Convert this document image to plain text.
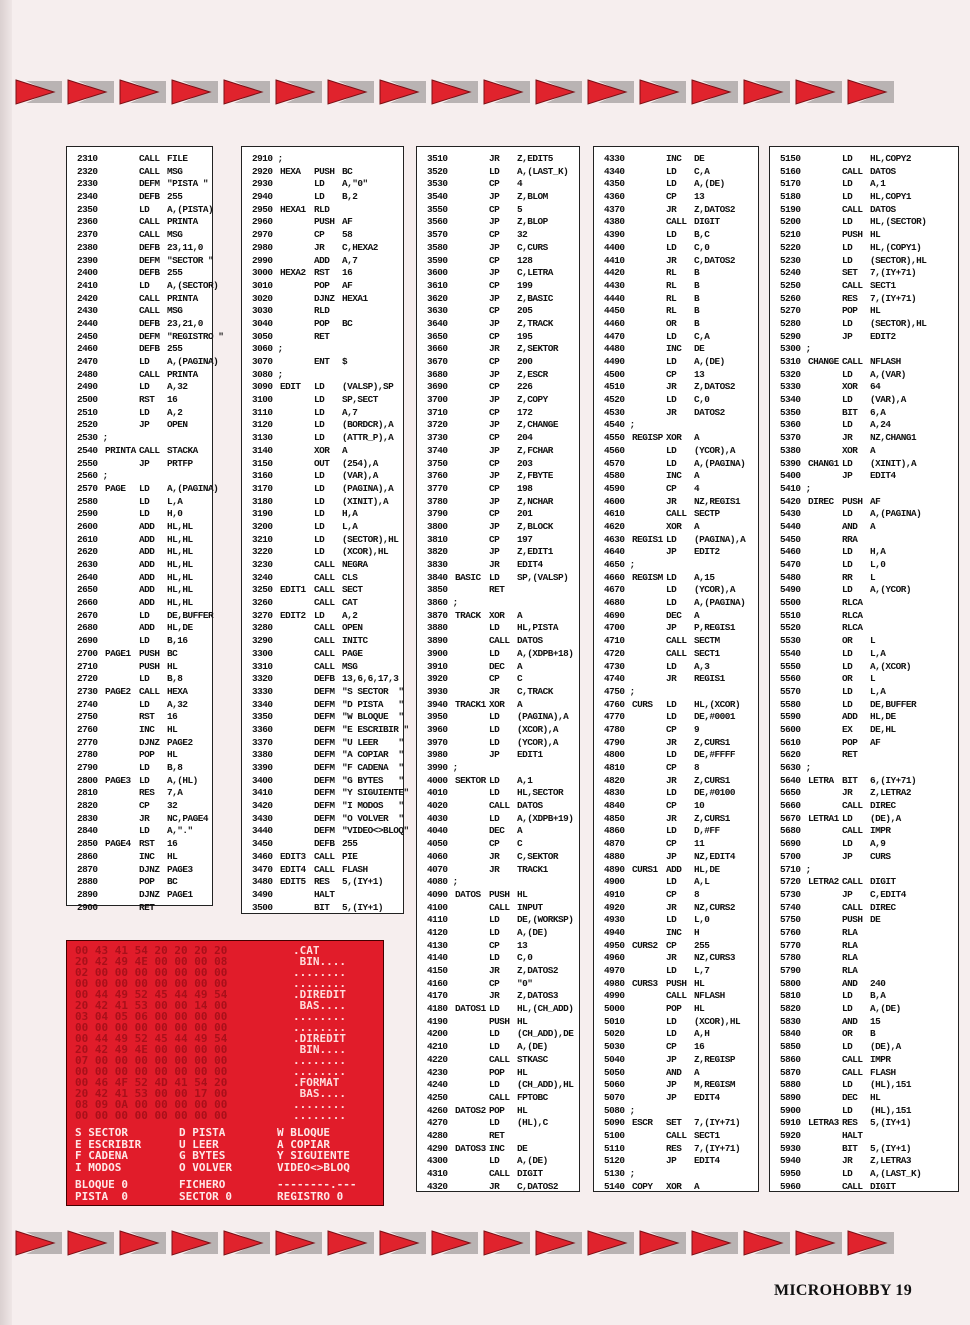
2310	CALL FILE
2320	CALL MSG
2330	DEFM "PISTA "
2340	DEFB 255
2350	LD	A,(PISTA)
2360	CALL PRINTA
2370	CALL MSG
2380	DEFB 23,11,0
2390	DEFM "SECTOR "
2400	DEFB 255
2410	LD	A,(SECTOR)
2420	CALL PRINTA
2430	CALL MSG
2440	DEFB 23,21,0
2450	DEFM "REGISTRO "
2460	DEFB 255
2470	LD	A,(PAGINA)
2480	CALL PRINTA
2490	LD	A,32
2500	RST	16
2510	LD	A,2
2520	JP	OPEN
2530 ;
2540 PRINTA CALL STACKA
2550	JP	PRTFP
2560 ;
2570 PAGE	LD	A,(PAGINA)
2580	LD	L,A
2590	LD	H,0
2600	ADD	HL,HL
2610	ADD	HL,HL
2620	ADD	HL,HL
2630	ADD	HL,HL
2640	ADD	HL,HL
2650	ADD	HL,HL
2660	ADD	HL,HL
2670	LD	DE,BUFFER
2680	ADD	HL,DE
2690	LD	B,16
2700 PAGE1 PUSH BC
2710	PUSH HL
2720	LD	B,8
2730 PAGE2 CALL HEXA
2740	LD	A,32
2750	RST	16
2760	INC	HL
2770	DJNZ PAGE2
2780	POP	HL
2790	LD	B,8
2800 PAGE3 LD	A,(HL)
2810	RES	7,A
2820	CP	32
2830	JR	NC,PAGE4
2840	LD	A,"."
2850 PAGE4 RST	16
2860	INC	HL
2870	DJNZ PAGE3
2880	POP	BC
2890	DJNZ PAGE1
2900	RET
2910 ;
2920 HEXA	PUSH BC
2930	LD	A,"0"
2940	LD	B,2
2950 HEXA1 RLD
2960	PUSH AF
2970	CP	58
2980	JR	C,HEXA2
2990	ADD	A,7
3000 HEXA2 RST	16
3010	POP	AF
3020	DJNZ HEXA1
3030	RLD
3040	POP	BC
3050	RET
3060 ;
3070	ENT	$
3080 ;
3090 EDIT	LD	(VALSP),SP
3100	LD	SP,SECT
3110	LD	A,7
3120	LD	(BORDCR),A
3130	LD	(ATTR_P),A
3140	XOR	A
3150	OUT	(254),A
3160	LD	(VAR),A
3170	LD	(PAGINA),A
3180	LD	(XINIT),A
3190	LD	H,A
3200	LD	L,A
3210	LD	(SECTOR),HL
3220	LD	(XCOR),HL
3230	CALL NEGRA
3240	CALL CLS
3250 EDIT1 CALL SECT
3260	CALL CAT
3270 EDIT2 LD	A,2
3280	CALL OPEN
3290	CALL INITC
3300	CALL PAGE
3310	CALL MSG
3320	DEFB 13,6,6,17,3
3330	DEFM "S SECTOR  "
3340	DEFM "D PISTA   "
3350	DEFM "W BLOQUE  "
3360	DEFM "E ESCRIBIR "
3370	DEFM "U LEER    "
3380	DEFM "A COPIAR  "
3390	DEFM "F CADENA  "
3400	DEFM "G BYTES   "
3410	DEFM "Y SIGUIENTE"
3420	DEFM "I MODOS   "
3430	DEFM "O VOLVER  "
3440	DEFM "VIDEO<>BLOQ"
3450	DEFB 255
3460 EDIT3 CALL PIE
3470 EDIT4 CALL FLASH
3480 EDIT5 RES	5,(IY+1)
3490	HALT
3500	BIT	5,(IY+1)
3510	JR	Z,EDIT5
3520	LD	A,(LAST_K)
3530	CP	4
3540	JP	Z,BLOM
3550	CP	5
3560	JP	Z,BLOP
3570	CP	32
3580	JP	C,CURS
3590	CP	128
3600	JP	C,LETRA
3610	CP	199
3620	JP	Z,BASIC
3630	CP	205
3640	JP	Z,TRACK
3650	CP	195
3660	JR	Z,SEKTOR
3670	CP	200
3680	JP	Z,ESCR
3690	CP	226
3700	JP	Z,COPY
3710	CP	172
3720	JP	Z,CHANGE
3730	CP	204
3740	JP	Z,FCHAR
3750	CP	203
3760	JP	Z,FBYTE
3770	CP	198
3780	JP	Z,NCHAR
3790	CP	201
3800	JP	Z,BLOCK
3810	CP	197
3820	JP	Z,EDIT1
3830	JR	EDIT4
3840 BASIC LD	SP,(VALSP)
3850	RET
3860 ;
3870 TRACK XOR	A
3880	LD	HL,PISTA
3890	CALL DATOS
3900	LD	A,(XDPB+18)
3910	DEC	A
3920	CP	C
3930	JR	C,TRACK
3940 TRACK1 XOR	A
3950	LD	(PAGINA),A
3960	LD	(XCOR),A
3970	LD	(YCOR),A
3980	JP	EDIT1
3990 ;
4000 SEKTOR LD	A,1
4010	LD	HL,SECTOR
4020	CALL DATOS
4030	LD	A,(XDPB+19)
4040	DEC	A
4050	CP	C
4060	JR	C,SEKTOR
4070	JR	TRACK1
4080 ;
4090 DATOS PUSH HL
4100	CALL INPUT
4110	LD	DE,(WORKSP)
4120	LD	A,(DE)
4130	CP	13
4140	LD	C,0
4150	JR	Z,DATOS2
4160	CP	"0"
4170	JR	Z,DATOS3
4180 DATOS1 LD	HL,(CH_ADD)
4190	PUSH HL
4200	LD	(CH_ADD),DE
4210	LD	A,(DE)
4220	CALL STKASC
4230	POP	HL
4240	LD	(CH_ADD),HL
4250	CALL FPTOBC
4260 DATOS2 POP	HL
4270	LD	(HL),C
4280	RET
4290 DATOS3 INC	DE
4300	LD	A,(DE)
4310	CALL DIGIT
4320	JR	C,DATOS2
4330	INC	DE
4340	LD	C,A
4350	LD	A,(DE)
4360	CP	13
4370	JR	Z,DATOS2
4380	CALL DIGIT
4390	LD	B,C
4400	LD	C,0
4410	JR	C,DATOS2
4420	RL	B
4430	RL	B
4440	RL	B
4450	RL	B
4460	OR	B
4470	LD	C,A
4480	INC	DE
4490	LD	A,(DE)
4500	CP	13
4510	JR	Z,DATOS2
4520	LD	C,0
4530	JR	DATOS2
4540 ;
4550 REGISP XOR	A
4560	LD	(YCOR),A
4570	LD	A,(PAGINA)
4580	INC	A
4590	CP	4
4600	JR	NZ,REGIS1
4610	CALL SECTP
4620	XOR	A
4630 REGIS1 LD	(PAGINA),A
4640	JP	EDIT2
4650 ;
4660 REGISM LD	A,15
4670	LD	(YCOR),A
4680	LD	A,(PAGINA)
4690	DEC	A
4700	JP	P,REGIS1
4710	CALL SECTM
4720	CALL SECT1
4730	LD	A,3
4740	JR	REGIS1
4750 ;
4760 CURS	LD	HL,(XCOR)
4770	LD	DE,#0001
4780	CP	9
4790	JR	Z,CURS1
4800	LD	DE,#FFFF
4810	CP	8
4820	JR	Z,CURS1
4830	LD	DE,#0100
4840	CP	10
4850	JR	Z,CURS1
4860	LD	D,#FF
4870	CP	11
4880	JP	NZ,EDIT4
4890 CURS1 ADD	HL,DE
4900	LD	A,L
4910	CP	8
4920	JR	NZ,CURS2
4930	LD	L,0
4940	INC	H
4950 CURS2 CP	255
4960	JR	NZ,CURS3
4970	LD	L,7
4980 CURS3 PUSH HL
4990	CALL NFLASH
5000	POP	HL
5010	LD	(XCOR),HL
5020	LD	A,H
5030	CP	16
5040	JP	Z,REGISP
5050	AND	A
5060	JP	M,REGISM
5070	JP	EDIT4
5080 ;
5090 ESCR	SET	7,(IY+71)
5100	CALL SECT1
5110	RES	7,(IY+71)
5120	JP	EDIT4
5130 ;
5140 COPY	XOR	A
5150	LD	HL,COPY2
5160	CALL DATOS
5170	LD	A,1
5180	LD	HL,COPY1
5190	CALL DATOS
5200	LD	HL,(SECTOR)
5210	PUSH HL
5220	LD	HL,(COPY1)
5230	LD	(SECTOR),HL
5240	SET	7,(IY+71)
5250	CALL SECT1
5260	RES	7,(IY+71)
5270	POP	HL
5280	LD	(SECTOR),HL
5290	JP	EDIT2
5300 ;
5310 CHANGE CALL NFLASH
5320	LD	A,(VAR)
5330	XOR	64
5340	LD	(VAR),A
5350	BIT	6,A
5360	LD	A,24
5370	JR	NZ,CHANG1
5380	XOR	A
5390 CHANG1 LD	(XINIT),A
5400	JP	EDIT4
5410 ;
5420 DIREC PUSH AF
5430	LD	A,(PAGINA)
5440	AND	A
5450	RRA
5460	LD	H,A
5470	LD	L,0
5480	RR	L
5490	LD	A,(YCOR)
5500	RLCA
5510	RLCA
5520	RLCA
5530	OR	L
5540	LD	L,A
5550	LD	A,(XCOR)
5560	OR	L
5570	LD	L,A
5580	LD	DE,BUFFER
5590	ADD	HL,DE
5600	EX	DE,HL
5610	POP	AF
5620	RET
5630 ;
5640 LETRA BIT	6,(IY+71)
5650	JR	Z,LETRA2
5660	CALL DIREC
5670 LETRA1 LD	(DE),A
5680	CALL IMPR
5690	LD	A,9
5700	JP	CURS
5710 ;
5720 LETRA2 CALL DIGIT
5730	JP	C,EDIT4
5740	CALL DIREC
5750	PUSH DE
5760	RLA
5770	RLA
5780	RLA
5790	RLA
5800	AND	240
5810	LD	B,A
5820	LD	A,(DE)
5830	AND	15
5840	OR	B
5850	LD	(DE),A
5860	CALL IMPR
5870	CALL FLASH
5880	LD	(HL),151
5890	DEC	HL
5900	LD	(HL),151
5910 LETRA3 RES	5,(IY+1)
5920	HALT
5930	BIT	5,(IY+1)
5940	JR	Z,LETRA3
5950	LD	A,(LAST_K)
5960	CALL DIGIT
00 43 41 54 20 20 20 20	.CAT
20 42 49 4E 00 00 00 08	BIN....
02 00 00 00 00 00 00 00	........
00 00 00 00 00 00 00 00	........
00 44 49 52 45 44 49 54	.DIREDIT
20 42 41 53 00 00 14 00	BAS....
03 04 05 06 00 00 00 00	........
00 00 00 00 00 00 00 00	........
00 44 49 52 45 44 49 54	.DIREDIT
20 42 49 4E 00 00 00 00	BIN....
07 00 00 00 00 00 00 00	........
00 00 00 00 00 00 00 00	........
00 46 4F 52 4D 41 54 20	.FORMAT
20 42 41 53 00 00 17 00	BAS....
08 09 0A 00 00 00 00 00	........
00 00 00 00 00 00 00 00	........
S SECTOR	D PISTA	W BLOQUE
E ESCRIBIR	U LEER	A COPIAR
F CADENA	G BYTES	Y SIGUIENTE
I MODOS	O VOLVER	VIDEO<>BLOQ
BLOQUE 0	FICHERO	--------.---
PISTA  0	SECTOR 0	REGISTRO 0
MICROHOBBY 19
